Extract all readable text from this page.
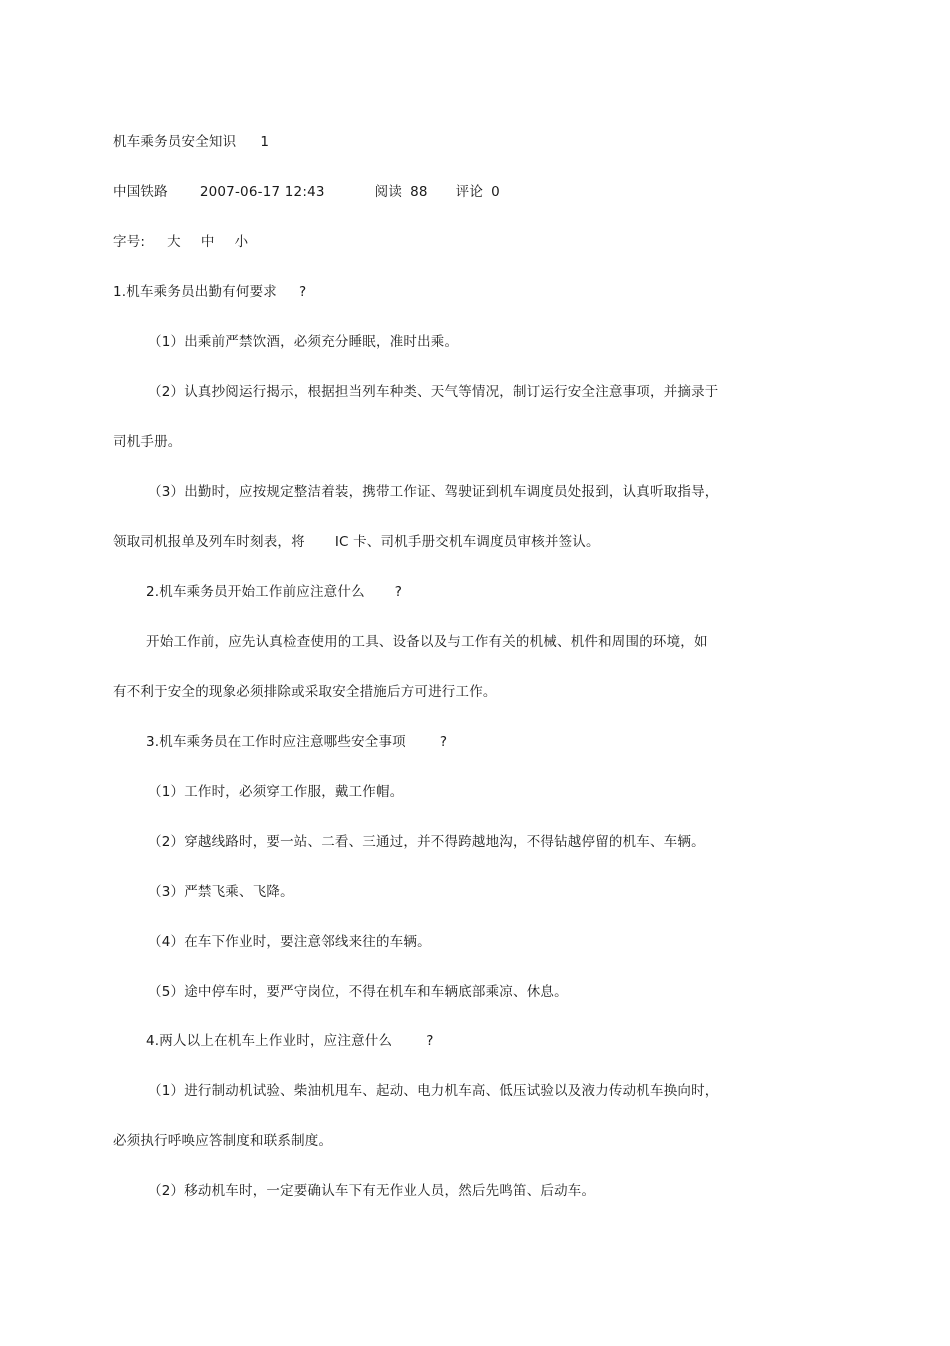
机车乘务员安全知识 1
中国铁路 2007-06-17 12:43	阅读 88 评论 0
字号: 大 中 小
1.机车乘务员出勤有何要求 ?
（1）出乘前严禁饮酒，必须充分睡眠，准时出乘。
（2）认真抄阅运行揭示，根据担当列车种类、天气等情况，制订运行安全注意事项，并摘录于
司机手册。
（3）出勤时，应按规定整洁着装，携带工作证、驾驶证到机车调度员处报到，认真听取指导，
领取司机报单及列车时刻表，将 IC 卡、司机手册交机车调度员审核并签认。
2.机车乘务员开始工作前应注意什么 ?
开始工作前，应先认真检查使用的工具、设备以及与工作有关的机械、机件和周围的环境，如
有不利于安全的现象必须排除或采取安全措施后方可进行工作。
3.机车乘务员在工作时应注意哪些安全事项	?
（1）工作时，必须穿工作服，戴工作帽。
（2）穿越线路时，要一站、二看、三通过，并不得跨越地沟，不得钻越停留的机车、车辆。
（3）严禁飞乘、飞降。
（4）在车下作业时，要注意邻线来往的车辆。
（5）途中停车时，要严守岗位，不得在机车和车辆底部乘凉、休息。
4.两人以上在机车上作业时，应注意什么	?
（1）进行制动机试验、柴油机甩车、起动、电力机车高、低压试验以及液力传动机车换向时，
必须执行呼唤应答制度和联系制度。
（2）移动机车时，一定要确认车下有无作业人员，然后先鸣笛、后动车。
